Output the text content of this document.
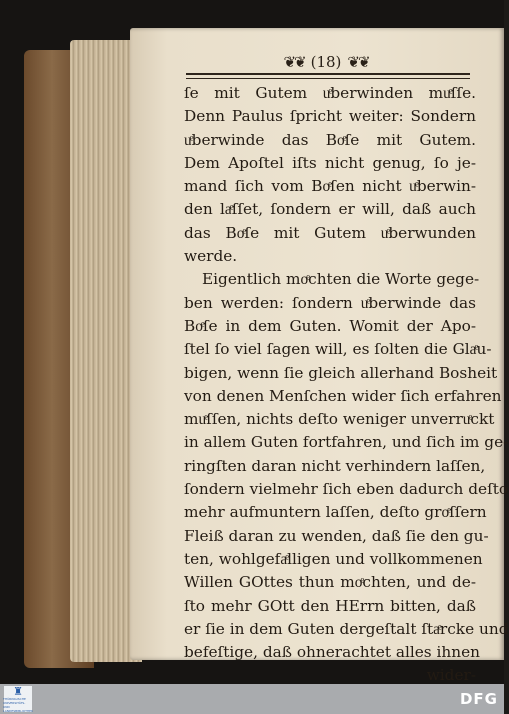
❦❦ (18) ❦❦
ſe mit Gutem uͤberwinden muͤſſe.
Denn Paulus ſpricht weiter: Sondern
uͤberwinde das Boͤſe mit Gutem.
Dem Apoſtel iſts nicht genug, ſo je-
mand ſich vom Boͤſen nicht uͤberwin-
den laͤſſet, ſondern er will, daß auch
das Boͤſe mit Gutem uͤberwunden
werde.
Eigentlich moͤchten die Worte gege-
ben werden: ſondern uͤberwinde das
Boͤſe in dem Guten. Womit der Apo-
ſtel ſo viel ſagen will, es ſolten die Glaͤu-
bigen, wenn ſie gleich allerhand Bosheit
von denen Menſchen wider ſich erfahren
muͤſſen, nichts deſto weniger unverruͤckt
in allem Guten fortfahren, und ſich im ge-
ringſten daran nicht verhindern laſſen,
ſondern vielmehr ſich eben dadurch deſto
mehr aufmuntern laſſen, deſto groͤſſern
Fleiß daran zu wenden, daß ſie den gu-
ten, wohlgefaͤlligen und vollkommenen
Willen GOttes thun moͤchten, und de-
ſto mehr GOtt den HErrn bitten, daß
er ſie in dem Guten dergeſtalt ſtaͤrcke und
befeſtige, daß ohnerachtet alles ihnen
wider-
♜
THÜRINGISCHE UNIVERSITÄTS- UND LANDESBIBLIOTHEK
DFG
